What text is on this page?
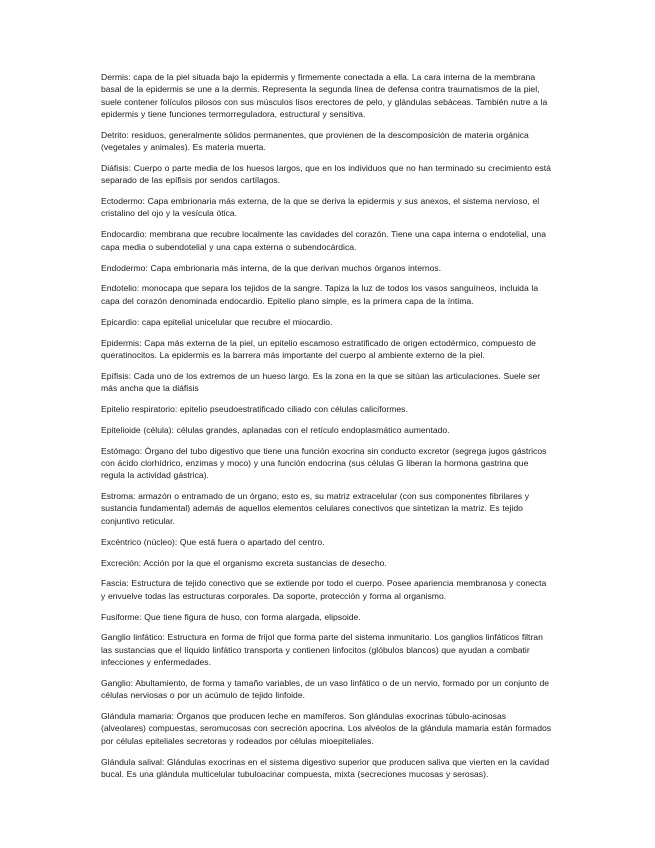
Dermis: capa de la piel situada bajo la epidermis y firmemente conectada a ella. La cara interna de la membrana basal de la epidermis se une a la dermis. Representa la segunda línea de defensa contra traumatismos de la piel, suele contener folículos pilosos con sus músculos lisos erectores de pelo, y glándulas sebáceas. También nutre a la epidermis y tiene funciones termorreguladora, estructural y sensitiva.

Detrito: residuos, generalmente sólidos permanentes, que provienen de la descomposición de materia orgánica (vegetales y animales). Es materia muerta.

Diáfisis: Cuerpo o parte media de los huesos largos, que en los individuos que no han terminado su crecimiento está separado de las epífisis por sendos cartílagos.

Ectodermo: Capa embrionaria más externa, de la que se deriva la epidermis y sus anexos, el sistema nervioso, el cristalino del ojo y la vesícula ótica.

Endocardio: membrana que recubre localmente las cavidades del corazón. Tiene una capa interna o endotelial, una capa media o subendotelial y una capa externa o subendocárdica.

Endodermo: Capa embrionaria más interna, de la que derivan muchos órganos internos.

Endotelio: monocapa que separa los tejidos de la sangre. Tapiza la luz de todos los vasos sanguíneos, incluida la capa del corazón denominada endocardio. Epitelio plano simple, es la primera capa de la íntima.

Epicardio: capa epitelial unicelular que recubre el miocardio.

Epidermis: Capa más externa de la piel, un epitelio escamoso estratificado de origen ectodérmico, compuesto de queratinocitos. La epidermis es la barrera más importante del cuerpo al ambiente externo de la piel.

Epífisis: Cada uno de los extremos de un hueso largo. Es la zona en la que se sitúan las articulaciones. Suele ser más ancha que la diáfisis

Epitelio respiratorio: epitelio pseudoestratificado ciliado con células caliciformes.

Epitelioide (célula): células grandes, aplanadas con el retículo endoplasmático aumentado.

Estómago: Órgano del tubo digestivo que tiene una función exocrina sin conducto excretor (segrega jugos gástricos con ácido clorhídrico, enzimas y moco) y una función endocrina (sus células G liberan la hormona gastrina que regula la actividad gástrica).

Estroma: armazón o entramado de un órgano, esto es, su matriz extracelular (con sus componentes fibrilares y sustancia fundamental) además de aquellos elementos celulares conectivos que sintetizan la matriz. Es tejido conjuntivo reticular.

Excéntrico (núcleo): Que está fuera o apartado del centro.

Excreción: Acción por la que el organismo excreta sustancias de desecho.

Fascia: Estructura de tejido conectivo que se extiende por todo el cuerpo. Posee apariencia membranosa y conecta y envuelve todas las estructuras corporales. Da soporte, protección y forma al organismo.

Fusiforme: Que tiene figura de huso, con forma alargada, elipsoide.

Ganglio linfático: Estructura en forma de frijol que forma parte del sistema inmunitario. Los ganglios linfáticos filtran las sustancias que el líquido linfático transporta y contienen linfocitos (glóbulos blancos) que ayudan a combatir infecciones y enfermedades.

Ganglio: Abultamiento, de forma y tamaño variables, de un vaso linfático o de un nervio, formado por un conjunto de células nerviosas o por un acúmulo de tejido linfoide.

Glándula mamaria: Órganos que producen leche en mamíferos. Son glándulas exocrinas túbulo-acinosas (alveolares) compuestas, seromucosas con secreción apocrina. Los alvéolos de la glándula mamaria están formados por células epiteliales secretoras y rodeados por células mioepiteliales.

Glándula salival: Glándulas exocrinas en el sistema digestivo superior que producen saliva que vierten en la cavidad bucal. Es una glándula multicelular tubuloacinar compuesta, mixta (secreciones mucosas y serosas).
